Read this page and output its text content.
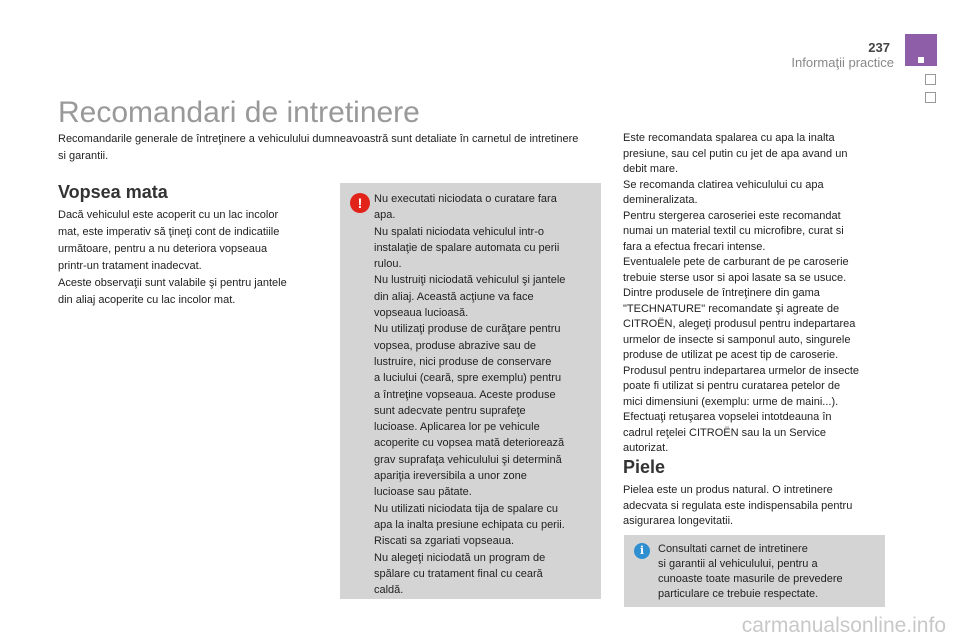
237
Informaţii practice
Recomandari de intretinere
Recomandarile generale de întreţinere a vehiculului dumneavoastră sunt detaliate în carnetul de intretinere si garantii.
Vopsea mata
Dacă vehiculul este acoperit cu un lac incolor
mat, este imperativ să ţineţi cont de indicatiile
următoare, pentru a nu deteriora vopseaua
printr-un tratament inadecvat.
Aceste observaţii sunt valabile şi pentru jantele
din aliaj acoperite cu lac incolor mat.
!	Nu executati niciodata o curatare fara
apa.
Nu spalati niciodata vehiculul intr-o
instalaţie de spalare automata cu perii
rulou.
Nu lustruiţi niciodată vehiculul şi jantele
din aliaj. Această acţiune va face
vopseaua lucioasă.
Nu utilizaţi produse de curăţare pentru
vopsea, produse abrazive sau de
lustruire, nici produse de conservare
a luciului (ceară, spre exemplu) pentru
a întreţine vopseaua. Aceste produse
sunt adecvate pentru suprafeţe
lucioase. Aplicarea lor pe vehicule
acoperite cu vopsea mată deteriorează
grav suprafaţa vehiculului şi determină
apariţia ireversibila a unor zone
lucioase sau pătate.
Nu utilizati niciodata tija de spalare cu
apa la inalta presiune echipata cu perii.
Riscati sa zgariati vopseaua.
Nu alegeţi niciodată un program de
spălare cu tratament final cu ceară
caldă.
Este recomandata spalarea cu apa la inalta
presiune, sau cel putin cu jet de apa avand un
debit mare.
Se recomanda clatirea vehiculului cu apa
demineralizata.
Pentru stergerea caroseriei este recomandat
numai un material textil cu microfibre, curat si
fara a efectua frecari intense.
Eventualele pete de carburant de pe caroserie
trebuie sterse usor si apoi lasate sa se usuce.
Dintre produsele de întreţinere din gama
"TECHNATURE" recomandate şi agreate de
CITROËN, alegeţi produsul pentru indepartarea
urmelor de insecte si samponul auto, singurele
produse de utilizat pe acest tip de caroserie.
Produsul pentru indepartarea urmelor de insecte
poate fi utilizat si pentru curatarea petelor de
mici dimensiuni (exemplu: urme de maini...).
Efectuaţi retuşarea vopselei intotdeauna în
cadrul reţelei CITROËN sau la un Service
autorizat.
Piele
Pielea este un produs natural. O intretinere
adecvata si regulata este indispensabila pentru
asigurarea longevitatii.
i	Consultati carnet de intretinere
si garantii al vehiculului, pentru a
cunoaste toate masurile de prevedere
particulare ce trebuie respectate.
carmanualsonline.info
